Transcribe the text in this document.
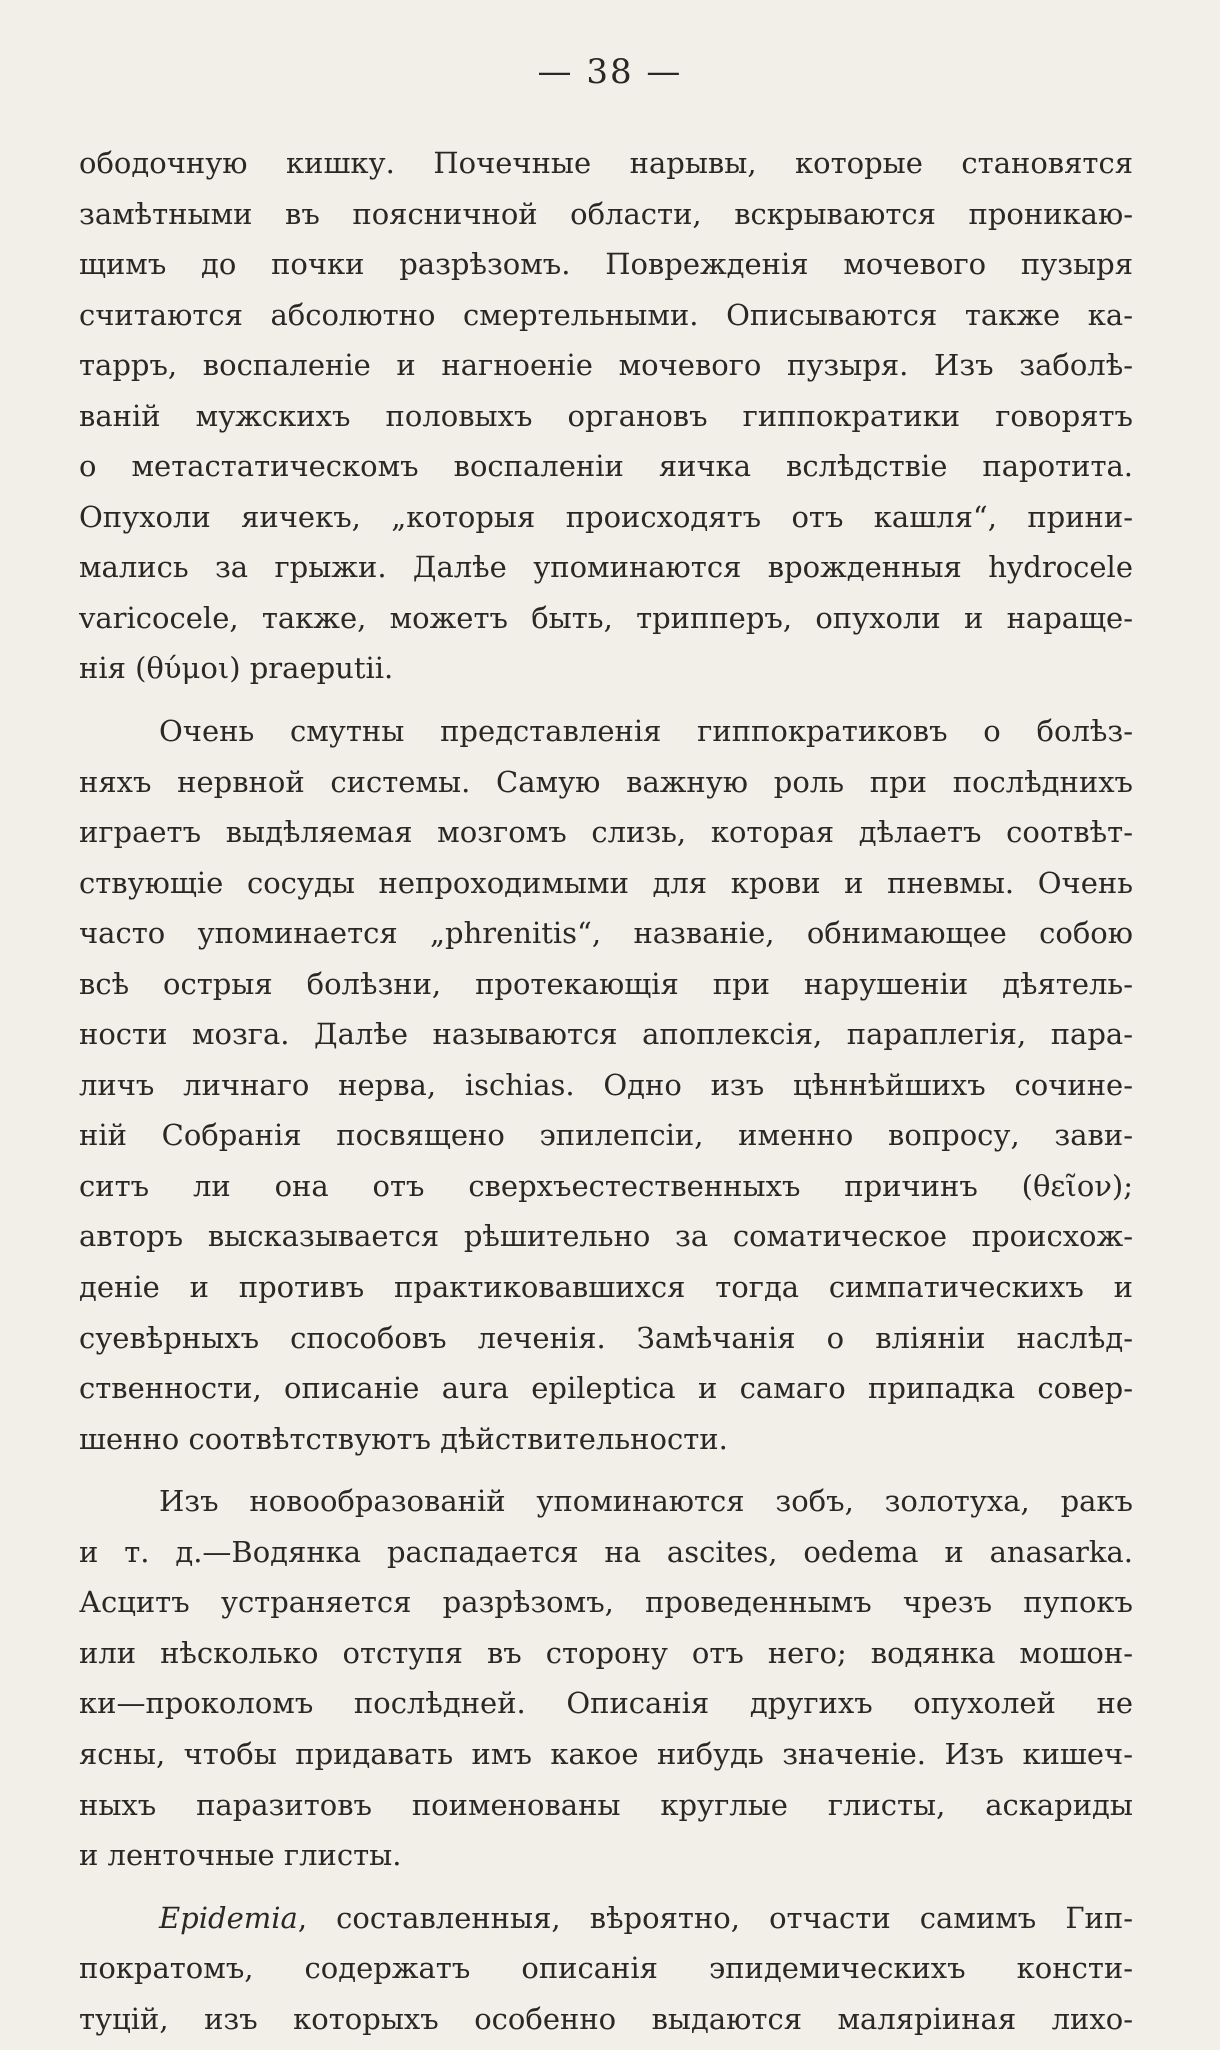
— 38 —
ободочную кишку. Почечные нарывы, которые становятся
замѣтными въ поясничной области, вскрываются проникаю-
щимъ до почки разрѣзомъ. Поврежденія мочевого пузыря
считаются абсолютно смертельными. Описываются также ка-
тарръ, воспаленіе и нагноеніе мочевого пузыря. Изъ заболѣ-
ваній мужскихъ половыхъ органовъ гиппократики говорятъ
о метастатическомъ воспаленіи яичка вслѣдствіе паротита.
Опухоли яичекъ, „которыя происходятъ отъ кашля“, прини-
мались за грыжи. Далѣе упоминаются врожденныя hydrocele
varicocele, также, можетъ быть, трипперъ, опухоли и наращe-
нія (θύμοι) praeputii.
Очень смутны представленія гиппократиковъ о болѣз-
няхъ нервной системы. Самую важную роль при послѣднихъ
играетъ выдѣляемая мозгомъ слизь, которая дѣлаетъ соотвѣт-
ствующіе сосуды непроходимыми для крови и пневмы. Очень
часто упоминается „phrenitis“, названіе, обнимающее собою
всѣ острыя болѣзни, протекающія при нарушеніи дѣятель-
ности мозга. Далѣе называются апоплексія, параплегія, пара-
личъ личнаго нерва, ischias. Одно изъ цѣннѣйшихъ сочине-
ній Собранія посвящено эпилепсіи, именно вопросу, зави-
ситъ ли она отъ сверхъестественныхъ причинъ (θεῖον);
авторъ высказывается рѣшительно за соматическое происхож-
деніе и противъ практиковавшихся тогда симпатическихъ и
суевѣрныхъ способовъ леченія. Замѣчанія о вліяніи наслѣд-
ственности, описаніе aura epileptica и самаго припадка совер-
шенно соотвѣтствуютъ дѣйствительности.
Изъ новообразованій упоминаются зобъ, золотуха, ракъ
и т. д.—Водянка распадается на ascites, oedema и anasarka.
Асцитъ устраняется разрѣзомъ, проведеннымъ чрезъ пупокъ
или нѣсколько отступя въ сторону отъ него; водянка мошон-
ки—проколомъ послѣдней. Описанія другихъ опухолей не
ясны, чтобы придавать имъ какое нибудь значеніе. Изъ кишеч-
ныхъ паразитовъ поименованы круглые глисты, аскариды
и ленточные глисты.
Epidemia, составленныя, вѣроятно, отчасти самимъ Гип-
пократомъ, содержатъ описанія эпидемическихъ консти-
туцій, изъ которыхъ особенно выдаются маляріиная лихо-
